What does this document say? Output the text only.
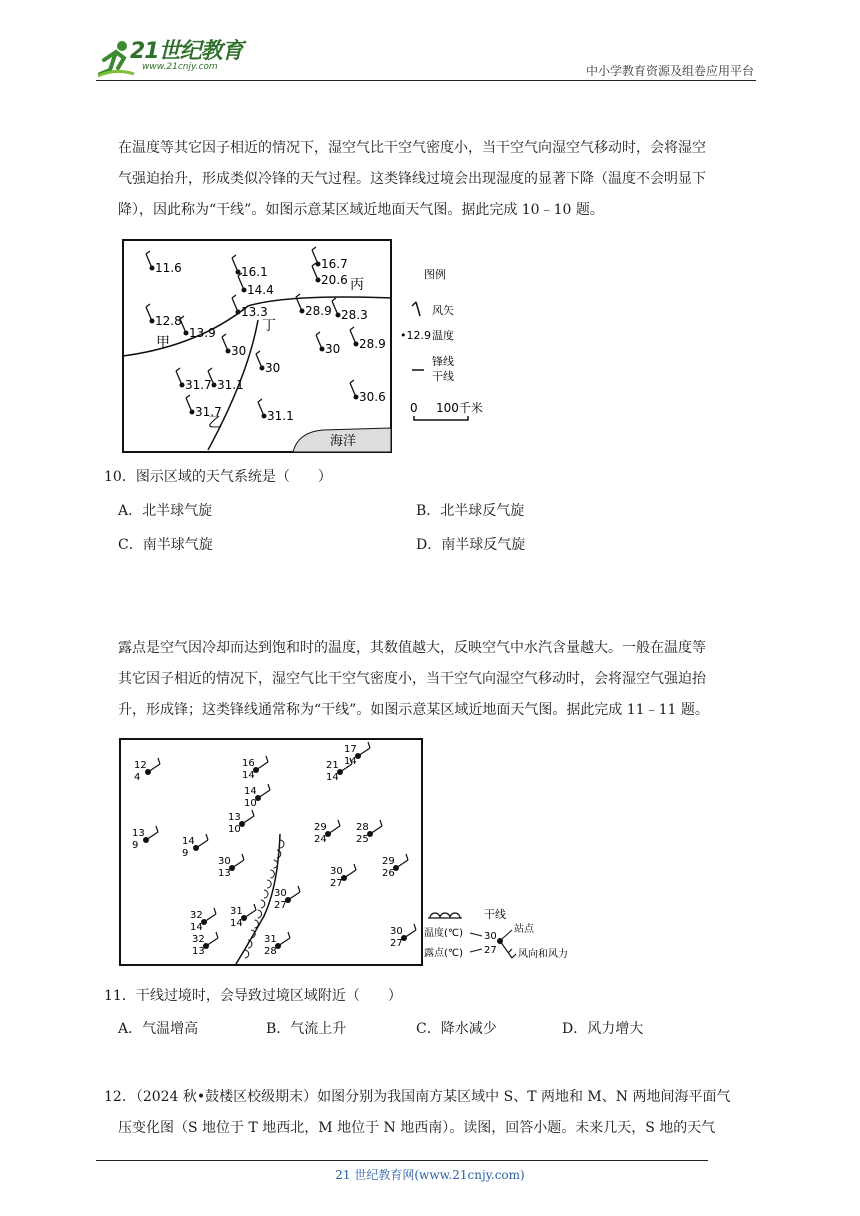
21世纪教育
www.21cnjy.com	中小学教育资源及组卷应用平台
在温度等其它因子相近的情况下，湿空气比干空气密度小，当干空气向湿空气移动时，会将湿空
气强迫抬升，形成类似冷锋的天气过程。这类锋线过境会出现湿度的显著下降（温度不会明显下
降），因此称为“干线”。如图示意某区域近地面天气图。据此完成 10﹣10 题。
海洋
甲
乙
丙
丁
11.6	16.1
14.4
16.7
20.6
12.8
13.9
13.3	28.9 28.3
30	30 28.9
30
31.7 31.1
31.7	31.1
30.6
图例
风矢
•12.9 温度
锋线
干线
0 100千米
10．图示区域的天气系统是（　　）
A．北半球气旋	B．北半球反气旋
C．南半球气旋	D．南半球反气旋
露点是空气因冷却而达到饱和时的温度，其数值越大，反映空气中水汽含量越大。一般在温度等
其它因子相近的情况下，湿空气比干空气密度小，当干空气向湿空气移动时，会将湿空气强迫抬
升，形成锋；这类锋线通常称为“干线”。如图示意某区域近地面天气图。据此完成 11﹣11 题。
12
4
16
14
17
14
21
14
14
10
13
10
13
9	14
9
29
24
28
25
30
13
29
26
30
27
30
27
32
14
31
14
32
13
31
28
30
27
干线
温度(℃)
露点(℃)
30
27
站点
风向和风力
11．干线过境时，会导致过境区域附近（　　）
A．气温增高	B．气流上升	C．降水减少	D．风力增大
12．（2024 秋•鼓楼区校级期末）如图分别为我国南方某区域中 S、T 两地和 M、N 两地间海平面气
压变化图（S 地位于 T 地西北，M 地位于 N 地西南）。读图，回答小题。未来几天，S 地的天气
21 世纪教育网(www.21cnjy.com)
